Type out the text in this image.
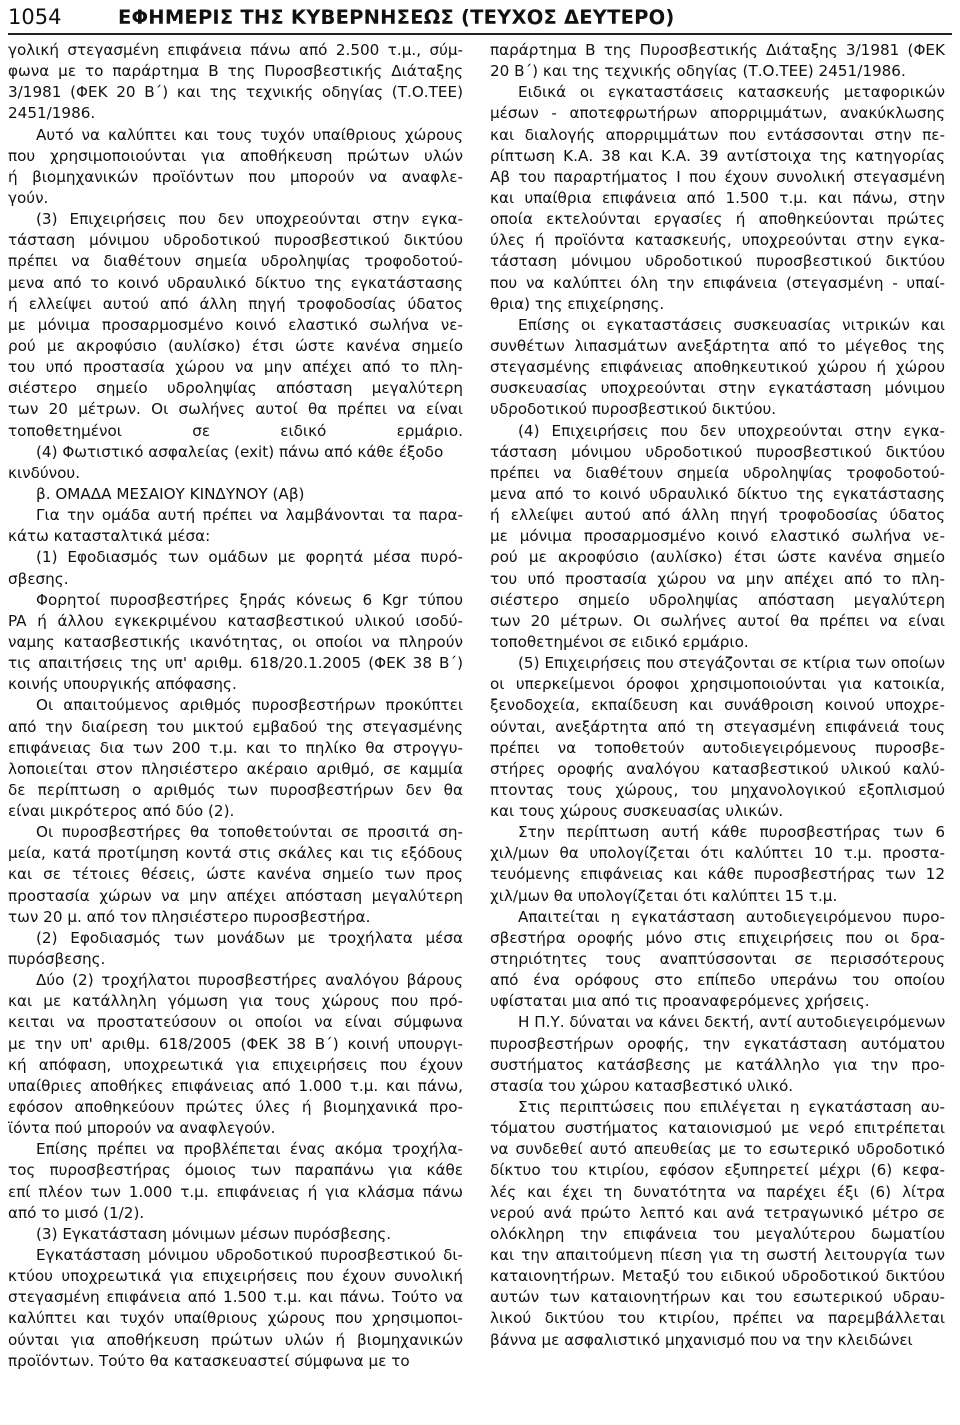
1054	ΕΦΗΜΕΡΙΣ ΤΗΣ ΚΥΒΕΡΝΗΣΕΩΣ (ΤΕΥΧΟΣ ΔΕΥΤΕΡΟ)
γολική στεγασμένη επιφάνεια πάνω από 2.500 τ.μ., σύμ-
φωνα με το παράρτημα Β της Πυροσβεστικής Διάταξης
3/1981 (ΦΕΚ 20 Β΄) και της τεχνικής οδηγίας (Τ.Ο.ΤΕΕ)
2451/1986.
Αυτό να καλύπτει και τους τυχόν υπαίθριους χώρους
που χρησιμοποιούνται για αποθήκευση πρώτων υλών
ή βιομηχανικών προϊόντων που μπορούν να αναφλε-
γούν.
(3) Επιχειρήσεις που δεν υποχρεούνται στην εγκα-
τάσταση μόνιμου υδροδοτικού πυροσβεστικού δικτύου
πρέπει να διαθέτουν σημεία υδροληψίας τροφοδοτού-
μενα από το κοινό υδραυλικό δίκτυο της εγκατάστασης
ή ελλείψει αυτού από άλλη πηγή τροφοδοσίας ύδατος
με μόνιμα προσαρμοσμένο κοινό ελαστικό σωλήνα νε-
ρού με ακροφύσιο (αυλίσκο) έτσι ώστε κανένα σημείο
του υπό προστασία χώρου να μην απέχει από το πλη-
σιέστερο σημείο υδροληψίας απόσταση μεγαλύτερη
των 20 μέτρων. Οι σωλήνες αυτοί θα πρέπει να είναι
τοποθετημένοι σε ειδικό ερμάριο.
(4) Φωτιστικό ασφαλείας (exit) πάνω από κάθε έξοδο
κινδύνου.
β. ΟΜΑΔΑ ΜΕΣΑΙΟΥ ΚΙΝΔΥΝΟΥ (Αβ)
Για την ομάδα αυτή πρέπει να λαμβάνονται τα παρα-
κάτω κατασταλτικά μέσα:
(1) Εφοδιασμός των ομάδων με φορητά μέσα πυρό-
σβεσης.
Φορητοί πυροσβεστήρες ξηράς κόνεως 6 Kgr τύπου
PA ή άλλου εγκεκριμένου κατασβεστικού υλικού ισοδύ-
ναμης κατασβεστικής ικανότητας, οι οποίοι να πληρούν
τις απαιτήσεις της υπ' αριθμ. 618/20.1.2005 (ΦΕΚ 38 Β΄)
κοινής υπουργικής απόφασης.
Οι απαιτούμενος αριθμός πυροσβεστήρων προκύπτει
από την διαίρεση του μικτού εμβαδού της στεγασμένης
επιφάνειας δια των 200 τ.μ. και το πηλίκο θα στρογγυ-
λοποιείται στον πλησιέστερο ακέραιο αριθμό, σε καμμία
δε περίπτωση ο αριθμός των πυροσβεστήρων δεν θα
είναι μικρότερος από δύο (2).
Οι πυροσβεστήρες θα τοποθετούνται σε προσιτά ση-
μεία, κατά προτίμηση κοντά στις σκάλες και τις εξόδους
και σε τέτοιες θέσεις, ώστε κανένα σημείο των προς
προστασία χώρων να μην απέχει απόσταση μεγαλύτερη
των 20 μ. από τον πλησιέστερο πυροσβεστήρα.
(2) Εφοδιασμός των μονάδων με τροχήλατα μέσα
πυρόσβεσης.
Δύο (2) τροχήλατοι πυροσβεστήρες αναλόγου βάρους
και με κατάλληλη γόμωση για τους χώρους που πρό-
κειται να προστατεύσουν οι οποίοι να είναι σύμφωνα
με την υπ' αριθμ. 618/2005 (ΦΕΚ 38 Β΄) κοινή υπουργι-
κή απόφαση, υποχρεωτικά για επιχειρήσεις που έχουν
υπαίθριες αποθήκες επιφάνειας από 1.000 τ.μ. και πάνω,
εφόσον αποθηκεύουν πρώτες ύλες ή βιομηχανικά προ-
ϊόντα πού μπορούν να αναφλεγούν.
Επίσης πρέπει να προβλέπεται ένας ακόμα τροχήλα-
τος πυροσβεστήρας όμοιος των παραπάνω για κάθε
επί πλέον των 1.000 τ.μ. επιφάνειας ή για κλάσμα πάνω
από το μισό (1/2).
(3) Εγκατάσταση μόνιμων μέσων πυρόσβεσης.
Εγκατάσταση μόνιμου υδροδοτικού πυροσβεστικού δι-
κτύου υποχρεωτικά για επιχειρήσεις που έχουν συνολική
στεγασμένη επιφάνεια από 1.500 τ.μ. και πάνω. Τούτο να
καλύπτει και τυχόν υπαίθριους χώρους που χρησιμοποι-
ούνται για αποθήκευση πρώτων υλών ή βιομηχανικών
προϊόντων. Τούτο θα κατασκευαστεί σύμφωνα με το
παράρτημα Β της Πυροσβεστικής Διάταξης 3/1981 (ΦΕΚ
20 Β΄) και της τεχνικής οδηγίας (Τ.Ο.ΤΕΕ) 2451/1986.
Ειδικά οι εγκαταστάσεις κατασκευής μεταφορικών
μέσων - αποτεφρωτήρων απορριμμάτων, ανακύκλωσης
και διαλογής απορριμμάτων που εντάσσονται στην πε-
ρίπτωση Κ.Α. 38 και Κ.Α. 39 αντίστοιχα της κατηγορίας
Αβ του παραρτήματος Ι που έχουν συνολική στεγασμένη
και υπαίθρια επιφάνεια από 1.500 τ.μ. και πάνω, στην
οποία εκτελούνται εργασίες ή αποθηκεύονται πρώτες
ύλες ή προϊόντα κατασκευής, υποχρεούνται στην εγκα-
τάσταση μόνιμου υδροδοτικού πυροσβεστικού δικτύου
που να καλύπτει όλη την επιφάνεια (στεγασμένη - υπαί-
θρια) της επιχείρησης.
Επίσης οι εγκαταστάσεις συσκευασίας νιτρικών και
συνθέτων λιπασμάτων ανεξάρτητα από το μέγεθος της
στεγασμένης επιφάνειας αποθηκευτικού χώρου ή χώρου
συσκευασίας υποχρεούνται στην εγκατάσταση μόνιμου
υδροδοτικού πυροσβεστικού δικτύου.
(4) Επιχειρήσεις που δεν υποχρεούνται στην εγκα-
τάσταση μόνιμου υδροδοτικού πυροσβεστικού δικτύου
πρέπει να διαθέτουν σημεία υδροληψίας τροφοδοτού-
μενα από το κοινό υδραυλικό δίκτυο της εγκατάστασης
ή ελλείψει αυτού από άλλη πηγή τροφοδοσίας ύδατος
με μόνιμα προσαρμοσμένο κοινό ελαστικό σωλήνα νε-
ρού με ακροφύσιο (αυλίσκο) έτσι ώστε κανένα σημείο
του υπό προστασία χώρου να μην απέχει από το πλη-
σιέστερο σημείο υδροληψίας απόσταση μεγαλύτερη
των 20 μέτρων. Οι σωλήνες αυτοί θα πρέπει να είναι
τοποθετημένοι σε ειδικό ερμάριο.
(5) Επιχειρήσεις που στεγάζονται σε κτίρια των οποίων
οι υπερκείμενοι όροφοι χρησιμοποιούνται για κατοικία,
ξενοδοχεία, εκπαίδευση και συνάθροιση κοινού υποχρε-
ούνται, ανεξάρτητα από τη στεγασμένη επιφάνειά τους
πρέπει να τοποθετούν αυτοδιεγειρόμενους πυροσβε-
στήρες οροφής αναλόγου κατασβεστικού υλικού καλύ-
πτοντας τους χώρους, του μηχανολογικού εξοπλισμού
και τους χώρους συσκευασίας υλικών.
Στην περίπτωση αυτή κάθε πυροσβεστήρας των 6
χιλ/μων θα υπολογίζεται ότι καλύπτει 10 τ.μ. προστα-
τευόμενης επιφάνειας και κάθε πυροσβεστήρας των 12
χιλ/μων θα υπολογίζεται ότι καλύπτει 15 τ.μ.
Απαιτείται η εγκατάσταση αυτοδιεγειρόμενου πυρο-
σβεστήρα οροφής μόνο στις επιχειρήσεις που οι δρα-
στηριότητες τους αναπτύσσονται σε περισσότερους
από ένα ορόφους στο επίπεδο υπεράνω του οποίου
υφίσταται μια από τις προαναφερόμενες χρήσεις.
Η Π.Υ. δύναται να κάνει δεκτή, αντί αυτοδιεγειρόμενων
πυροσβεστήρων οροφής, την εγκατάσταση αυτόματου
συστήματος κατάσβεσης με κατάλληλο για την προ-
στασία του χώρου κατασβεστικό υλικό.
Στις περιπτώσεις που επιλέγεται η εγκατάσταση αυ-
τόματου συστήματος καταιονισμού με νερό επιτρέπεται
να συνδεθεί αυτό απευθείας με το εσωτερικό υδροδοτικό
δίκτυο του κτιρίου, εφόσον εξυπηρετεί μέχρι (6) κεφα-
λές και έχει τη δυνατότητα να παρέχει έξι (6) λίτρα
νερού ανά πρώτο λεπτό και ανά τετραγωνικό μέτρο σε
ολόκληρη την επιφάνεια του μεγαλύτερου δωματίου
και την απαιτούμενη πίεση για τη σωστή λειτουργία των
καταιονητήρων. Μεταξύ του ειδικού υδροδοτικού δικτύου
αυτών των καταιονητήρων και του εσωτερικού υδραυ-
λικού δικτύου του κτιρίου, πρέπει να παρεμβάλλεται
βάννα με ασφαλιστικό μηχανισμό που να την κλειδώνει
